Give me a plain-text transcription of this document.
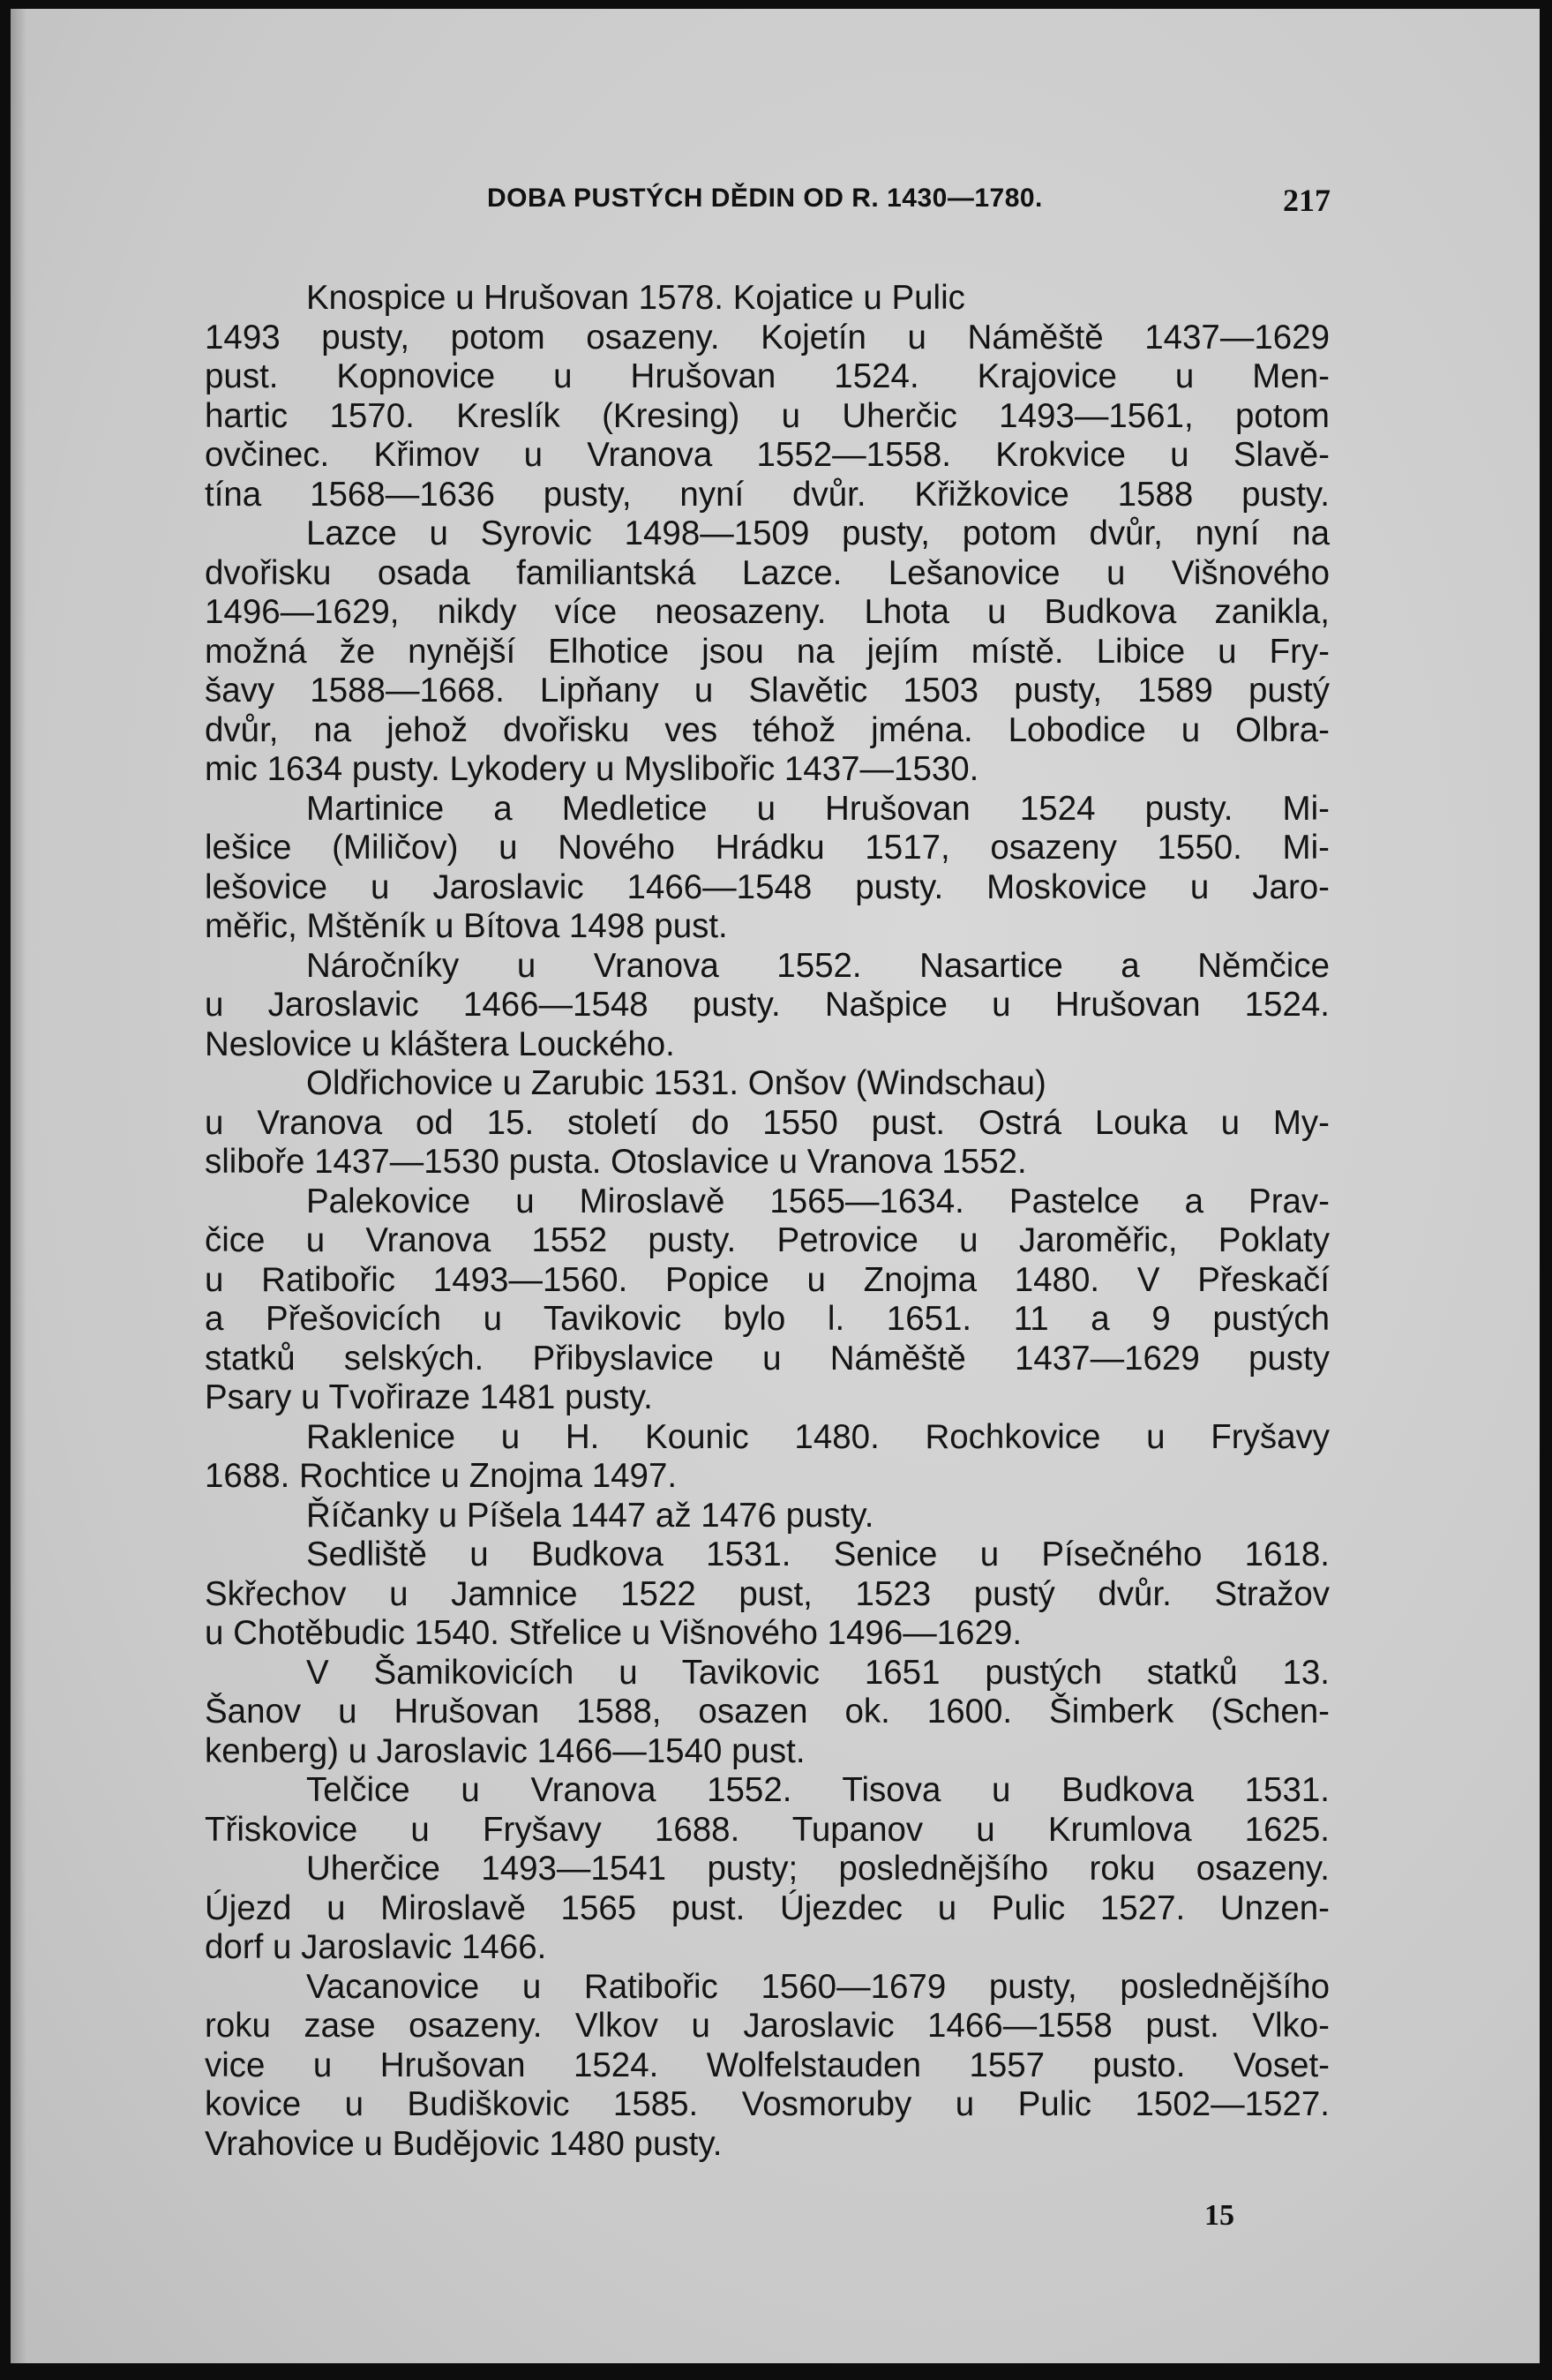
DOBA PUSTÝCH DĚDIN OD R. 1430—1780.	217
Knospice u Hrušovan 1578. Kojatice u Pulic
1493 pusty, potom osazeny. Kojetín u Náměště 1437—1629
pust. Kopnovice u Hrušovan 1524. Krajovice u Men-
hartic 1570. Kreslík (Kresing) u Uherčic 1493—1561, potom
ovčinec. Křimov u Vranova 1552—1558. Krokvice u Slavě-
tína 1568—1636 pusty, nyní dvůr. Křižkovice 1588 pusty.
Lazce u Syrovic 1498—1509 pusty, potom dvůr, nyní na
dvořisku osada familiantská Lazce. Lešanovice u Višnového
1496—1629, nikdy více neosazeny. Lhota u Budkova zanikla,
možná že nynější Elhotice jsou na jejím místě. Libice u Fry-
šavy 1588—1668. Lipňany u Slavětic 1503 pusty, 1589 pustý
dvůr, na jehož dvořisku ves téhož jména. Lobodice u Olbra-
mic 1634 pusty. Lykodery u Myslibořic 1437—1530.
Martinice a Medletice u Hrušovan 1524 pusty. Mi-
lešice (Miličov) u Nového Hrádku 1517, osazeny 1550. Mi-
lešovice u Jaroslavic 1466—1548 pusty. Moskovice u Jaro-
měřic, Mštěník u Bítova 1498 pust.
Náročníky u Vranova 1552. Nasartice a Němčice
u Jaroslavic 1466—1548 pusty. Našpice u Hrušovan 1524.
Neslovice u kláštera Louckého.
Oldřichovice u Zarubic 1531. Onšov (Windschau)
u Vranova od 15. století do 1550 pust. Ostrá Louka u My-
sliboře 1437—1530 pusta. Otoslavice u Vranova 1552.
Palekovice u Miroslavě 1565—1634. Pastelce a Prav-
čice u Vranova 1552 pusty. Petrovice u Jaroměřic, Poklaty
u Ratibořic 1493—1560. Popice u Znojma 1480. V Přeskačí
a Přešovicích u Tavikovic bylo l. 1651. 11 a 9 pustých
statků selských. Přibyslavice u Náměště 1437—1629 pusty
Psary u Tvořiraze 1481 pusty.
Raklenice u H. Kounic 1480. Rochkovice u Fryšavy
1688. Rochtice u Znojma 1497.
Říčanky u Píšela 1447 až 1476 pusty.
Sedliště u Budkova 1531. Senice u Písečného 1618.
Skřechov u Jamnice 1522 pust, 1523 pustý dvůr. Stražov
u Chotěbudic 1540. Střelice u Višnového 1496—1629.
V Šamikovicích u Tavikovic 1651 pustých statků 13.
Šanov u Hrušovan 1588, osazen ok. 1600. Šimberk (Schen-
kenberg) u Jaroslavic 1466—1540 pust.
Telčice u Vranova 1552. Tisova u Budkova 1531.
Třiskovice u Fryšavy 1688. Tupanov u Krumlova 1625.
Uherčice 1493—1541 pusty; poslednějšího roku osazeny.
Újezd u Miroslavě 1565 pust. Újezdec u Pulic 1527. Unzen-
dorf u Jaroslavic 1466.
Vacanovice u Ratibořic 1560—1679 pusty, poslednějšího
roku zase osazeny. Vlkov u Jaroslavic 1466—1558 pust. Vlko-
vice u Hrušovan 1524. Wolfelstauden 1557 pusto. Voset-
kovice u Budiškovic 1585. Vosmoruby u Pulic 1502—1527.
Vrahovice u Budějovic 1480 pusty.
15
